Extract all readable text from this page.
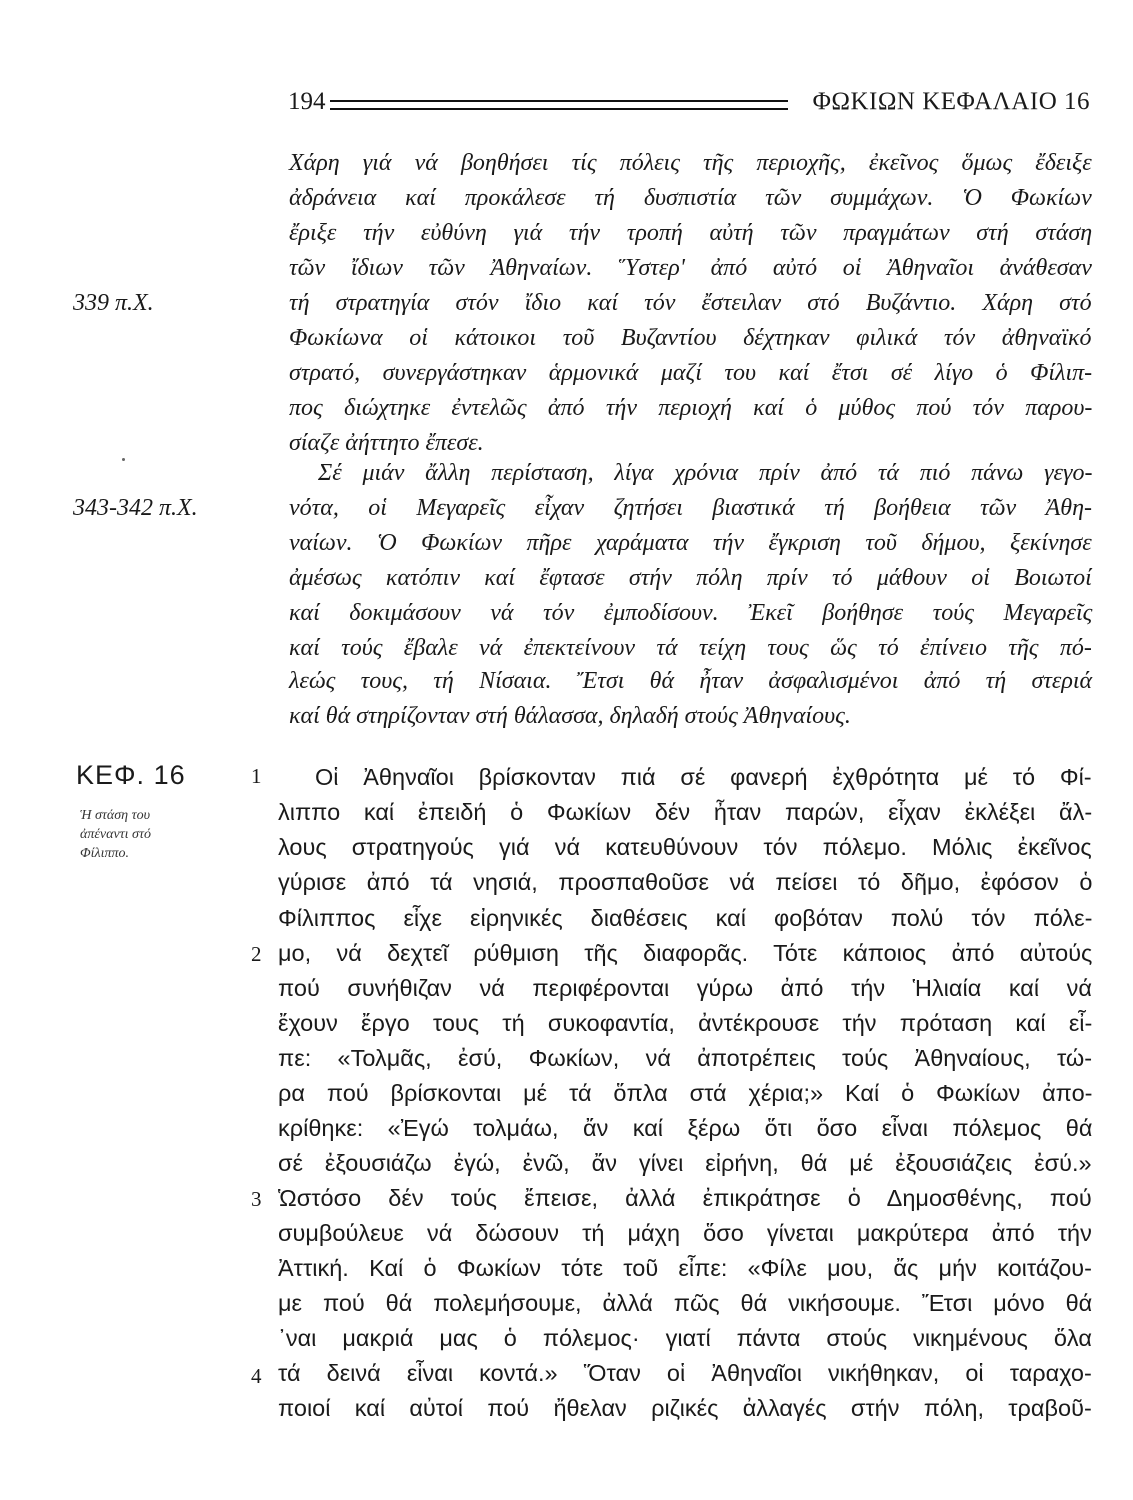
194	ΦΩΚΙΩΝ ΚΕΦΑΛΑΙΟ 16
339 π.Χ.
343-342 π.Χ.
ΚΕΦ. 16
Ἡ στάση του
ἀπέναντι στό
Φίλιππο.
Χάρη γιά νά βοηθήσει τίς πόλεις τῆς περιοχῆς, ἐκεῖνος ὅμως ἔδειξε
ἀδράνεια καί προκάλεσε τή δυσπιστία τῶν συμμάχων. Ὁ Φωκίων
ἔριξε τήν εὐθύνη γιά τήν τροπή αὐτή τῶν πραγμάτων στή στάση
τῶν ἴδιων τῶν Ἀθηναίων. Ὕστερ' ἀπό αὐτό οἱ Ἀθηναῖοι ἀνάθεσαν
τή στρατηγία στόν ἴδιο καί τόν ἔστειλαν στό Βυζάντιο. Χάρη στό
Φωκίωνα οἱ κάτοικοι τοῦ Βυζαντίου δέχτηκαν φιλικά τόν ἀθηναϊκό
στρατό, συνεργάστηκαν ἁρμονικά μαζί του καί ἔτσι σέ λίγο ὁ Φίλιπ-
πος διώχτηκε ἐντελῶς ἀπό τήν περιοχή καί ὁ μύθος πού τόν παρου-
σίαζε ἀήττητο ἔπεσε.
Σέ μιάν ἄλλη περίσταση, λίγα χρόνια πρίν ἀπό τά πιό πάνω γεγο-
νότα, οἱ Μεγαρεῖς εἶχαν ζητήσει βιαστικά τή βοήθεια τῶν Ἀθη-
ναίων. Ὁ Φωκίων πῆρε χαράματα τήν ἔγκριση τοῦ δήμου, ξεκίνησε
ἀμέσως κατόπιν καί ἔφτασε στήν πόλη πρίν τό μάθουν οἱ Βοιωτοί
καί δοκιμάσουν νά τόν ἐμποδίσουν. Ἐκεῖ βοήθησε τούς Μεγαρεῖς
καί τούς ἔβαλε νά ἐπεκτείνουν τά τείχη τους ὥς τό ἐπίνειο τῆς πό-
λεώς τους, τή Νίσαια. Ἔτσι θά ἦταν ἀσφαλισμένοι ἀπό τή στεριά
καί θά στηρίζονταν στή θάλασσα, δηλαδή στούς Ἀθηναίους.
1
2
3
4
Οἱ Ἀθηναῖοι βρίσκονταν πιά σέ φανερή ἐχθρότητα μέ τό Φί-
λιππο καί ἐπειδή ὁ Φωκίων δέν ἦταν παρών, εἶχαν ἐκλέξει ἄλ-
λους στρατηγούς γιά νά κατευθύνουν τόν πόλεμο. Μόλις ἐκεῖνος
γύρισε ἀπό τά νησιά, προσπαθοῦσε νά πείσει τό δῆμο, ἐφόσον ὁ
Φίλιππος εἶχε εἰρηνικές διαθέσεις καί φοβόταν πολύ τόν πόλε-
μο, νά δεχτεῖ ρύθμιση τῆς διαφορᾶς. Τότε κάποιος ἀπό αὐτούς
πού συνήθιζαν νά περιφέρονται γύρω ἀπό τήν Ἡλιαία καί νά
ἔχουν ἔργο τους τή συκοφαντία, ἀντέκρουσε τήν πρόταση καί εἶ-
πε: «Τολμᾶς, ἐσύ, Φωκίων, νά ἀποτρέπεις τούς Ἀθηναίους, τώ-
ρα πού βρίσκονται μέ τά ὅπλα στά χέρια;» Καί ὁ Φωκίων ἀπο-
κρίθηκε: «Ἐγώ τολμάω, ἄν καί ξέρω ὅτι ὅσο εἶναι πόλεμος θά
σέ ἐξουσιάζω ἐγώ, ἐνῶ, ἄν γίνει εἰρήνη, θά μέ ἐξουσιάζεις ἐσύ.»
Ὡστόσο δέν τούς ἔπεισε, ἀλλά ἐπικράτησε ὁ Δημοσθένης, πού
συμβούλευε νά δώσουν τή μάχη ὅσο γίνεται μακρύτερα ἀπό τήν
Ἀττική. Καί ὁ Φωκίων τότε τοῦ εἶπε: «Φίλε μου, ἄς μήν κοιτάζου-
με πού θά πολεμήσουμε, ἀλλά πῶς θά νικήσουμε. Ἔτσι μόνο θά
᾽ναι μακριά μας ὁ πόλεμος· γιατί πάντα στούς νικημένους ὅλα
τά δεινά εἶναι κοντά.» Ὅταν οἱ Ἀθηναῖοι νικήθηκαν, οἱ ταραχο-
ποιοί καί αὐτοί πού ἤθελαν ριζικές ἀλλαγές στήν πόλη, τραβοῦ-
